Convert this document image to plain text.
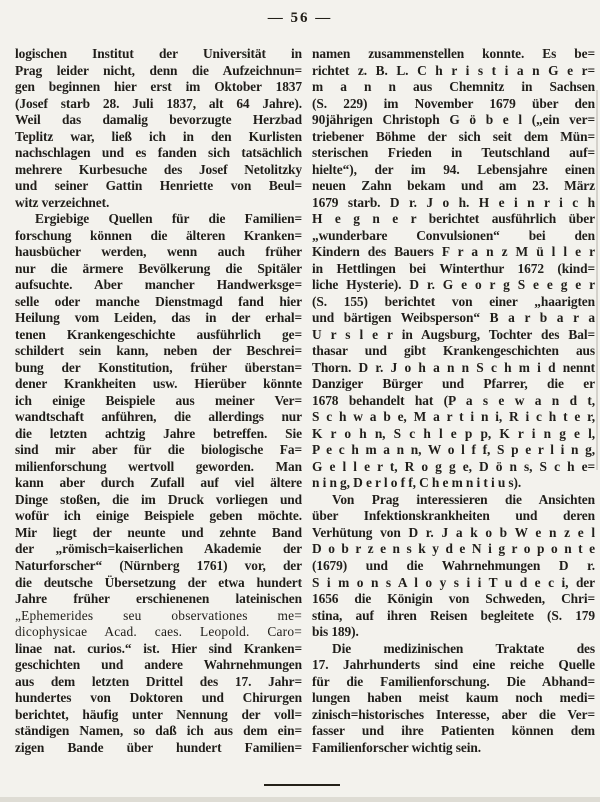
— 56 —
logischen Institut der Universität in
Prag leider nicht, denn die Aufzeichnun=
gen beginnen hier erst im Oktober 1837
(Josef starb 28. Juli 1837, alt 64 Jahre).
Weil das damalig bevorzugte Herzbad
Teplitz war, ließ ich in den Kurlisten
nachschlagen und es fanden sich tatsächlich
mehrere Kurbesuche des Josef Netolitzky
und seiner Gattin Henriette von Beul=
witz verzeichnet.
Ergiebige Quellen für die Familien=
forschung können die älteren Kranken=
hausbücher werden, wenn auch früher
nur die ärmere Bevölkerung die Spitäler
aufsuchte. Aber mancher Handwerksge=
selle oder manche Dienstmagd fand hier
Heilung vom Leiden, das in der erhal=
tenen Krankengeschichte ausführlich ge=
schildert sein kann, neben der Beschrei=
bung der Konstitution, früher überstan=
dener Krankheiten usw. Hierüber könnte
ich einige Beispiele aus meiner Ver=
wandtschaft anführen, die allerdings nur
die letzten achtzig Jahre betreffen. Sie
sind mir aber für die biologische Fa=
milienforschung wertvoll geworden. Man
kann aber durch Zufall auf viel ältere
Dinge stoßen, die im Druck vorliegen und
wofür ich einige Beispiele geben möchte.
Mir liegt der neunte und zehnte Band
der „römisch=kaiserlichen Akademie der
Naturforscher“ (Nürnberg 1761) vor, der
die deutsche Übersetzung der etwa hundert
Jahre früher erschienenen lateinischen
„Ephemerides seu observationes me=
dicophysicae Acad. caes. Leopold. Caro=
linae nat. curios.“ ist. Hier sind Kranken=
geschichten und andere Wahrnehmungen
aus dem letzten Drittel des 17. Jahr=
hundertes von Doktoren und Chirurgen
berichtet, häufig unter Nennung der voll=
ständigen Namen, so daß ich aus dem ein=
zigen Bande über hundert Familien=
namen zusammenstellen konnte. Es be=
richtet z. B. L. C h r i s t i a n G e r=
m a n n aus Chemnitz in Sachsen
(S. 229) im November 1679 über den
90jährigen Christoph G ö b e l („ein ver=
triebener Böhme der sich seit dem Mün=
sterischen Frieden in Teutschland auf=
hielte“), der im 94. Lebensjahre einen
neuen Zahn bekam und am 23. März
1679 starb. D r. J o h. H e i n r i c h
H e g n e r berichtet ausführlich über
„wunderbare Convulsionen“ bei den
Kindern des Bauers F r a n z M ü l l e r
in Hettlingen bei Winterthur 1672 (kind=
liche Hysterie). D r. G e o r g S e e g e r
(S. 155) berichtet von einer „haarigten
und bärtigen Weibsperson“ B a r b a r a
U r s l e r in Augsburg, Tochter des Bal=
thasar und gibt Krankengeschichten aus
Thorn. D r. J o h a n n S c h m i d nennt
Danziger Bürger und Pfarrer, die er
1678 behandelt hat (P a s e w a n d t,
S c h w a b e, M a r t i n i, R i c h t e r,
K r o h n, S c h l e p p, K r i n g e l,
P e c h m a n n, W o l f f, S p e r l i n g,
G e l l e r t, R o g g e, D ö n s, S c h e=
n i n g, D e r l o f f, C h e m n i t i u s).
Von Prag interessieren die Ansichten
über Infektionskrankheiten und deren
Verhütung von D r. J a k o b W e n z e l
D o b r z e n s k y d e N i g r o p o n t e
(1679) und die Wahrnehmungen D r.
S i m o n s A l o y s i i T u d e c i, der
1656 die Königin von Schweden, Chri=
stina, auf ihren Reisen begleitete (S. 179
bis 189).
Die medizinischen Traktate des
17. Jahrhunderts sind eine reiche Quelle
für die Familienforschung. Die Abhand=
lungen haben meist kaum noch medi=
zinisch=historisches Interesse, aber die Ver=
fasser und ihre Patienten können dem
Familienforscher wichtig sein.
